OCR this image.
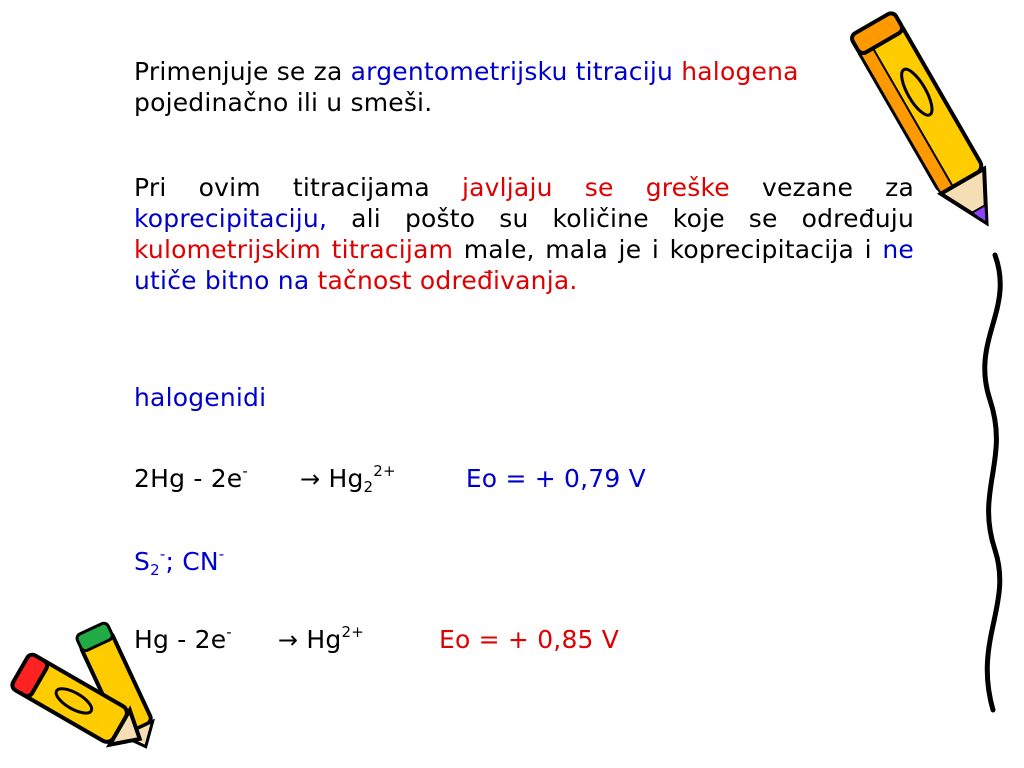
Primenjuje se za argentometrijsku titraciju halogena pojedinačno ili u smeši.
Pri ovim titracijama javljaju se greške vezane za koprecipitaciju, ali pošto su količine koje se određuju kulometrijskim titracijam male, mala je i koprecipitacija i ne utiče bitno na tačnost određivanja.
halogenidi
$2Hg - 2e^- \to Hg_2^{2+}$	Eo = + 0,79 V
$S_2^-$; CN-
$Hg - 2e^- \to Hg^{2+}$	Eo = + 0,85 V
